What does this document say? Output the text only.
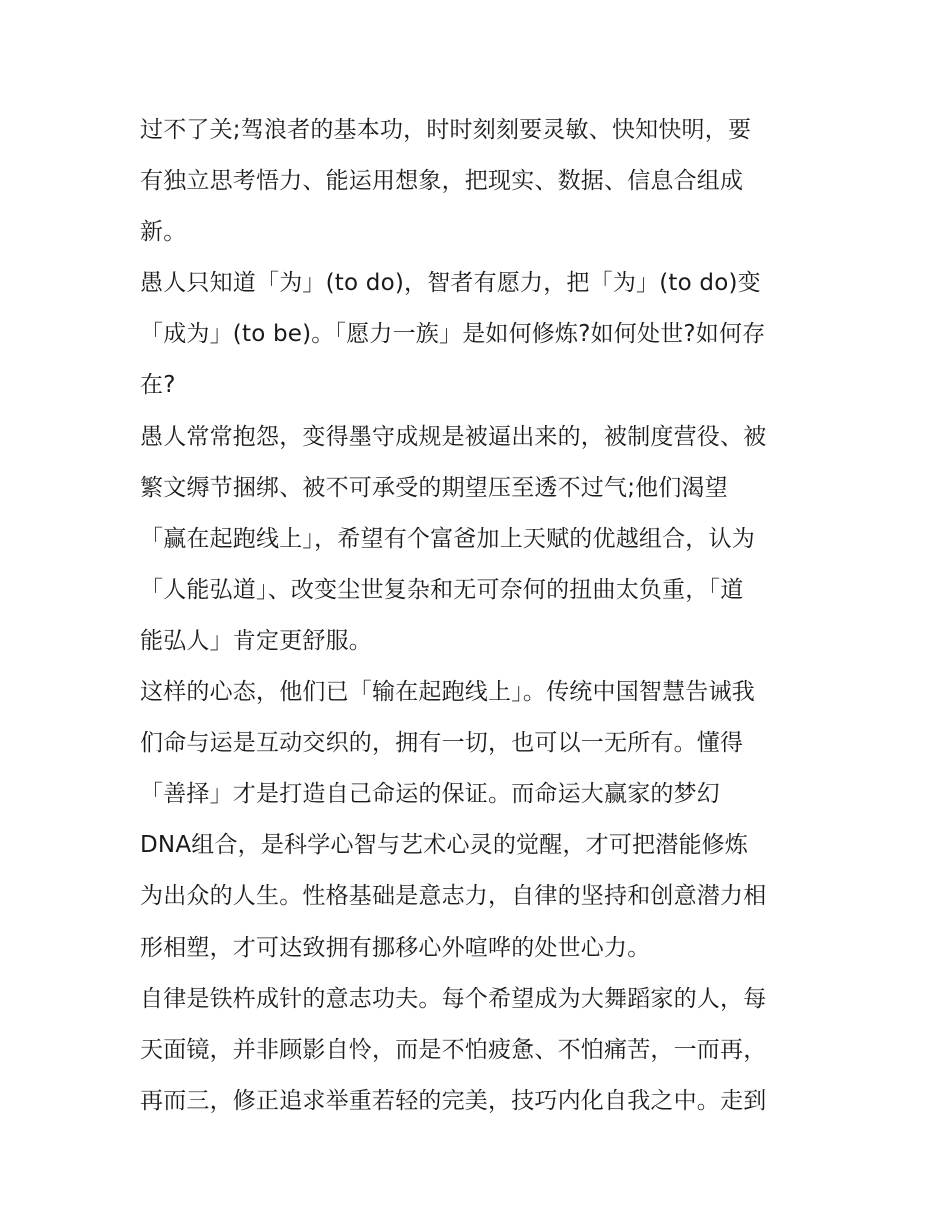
过不了关;驾浪者的基本功，时时刻刻要灵敏、快知快明，要
有独立思考悟力、能运用想象，把现实、数据、信息合组成
新。
愚人只知道「为」(to do)，智者有愿力，把「为」(to do)变
「成为」(to be)。「愿力一族」是如何修炼?如何处世?如何存
在?
愚人常常抱怨，变得墨守成规是被逼出来的，被制度营役、被
繁文缛节捆绑、被不可承受的期望压至透不过气;他们渴望
「赢在起跑线上」，希望有个富爸加上天赋的优越组合，认为
「人能弘道」、改变尘世复杂和无可奈何的扭曲太负重，「道
能弘人」肯定更舒服。
这样的心态，他们已「输在起跑线上」。传统中国智慧告诫我
们命与运是互动交织的，拥有一切，也可以一无所有。懂得
「善择」才是打造自己命运的保证。而命运大赢家的梦幻
DNA组合，是科学心智与艺术心灵的觉醒，才可把潜能修炼
为出众的人生。性格基础是意志力，自律的坚持和创意潜力相
形相塑，才可达致拥有挪移心外喧哗的处世心力。
自律是铁杵成针的意志功夫。每个希望成为大舞蹈家的人，每
天面镜，并非顾影自怜，而是不怕疲惫、不怕痛苦，一而再，
再而三，修正追求举重若轻的完美，技巧内化自我之中。走到
